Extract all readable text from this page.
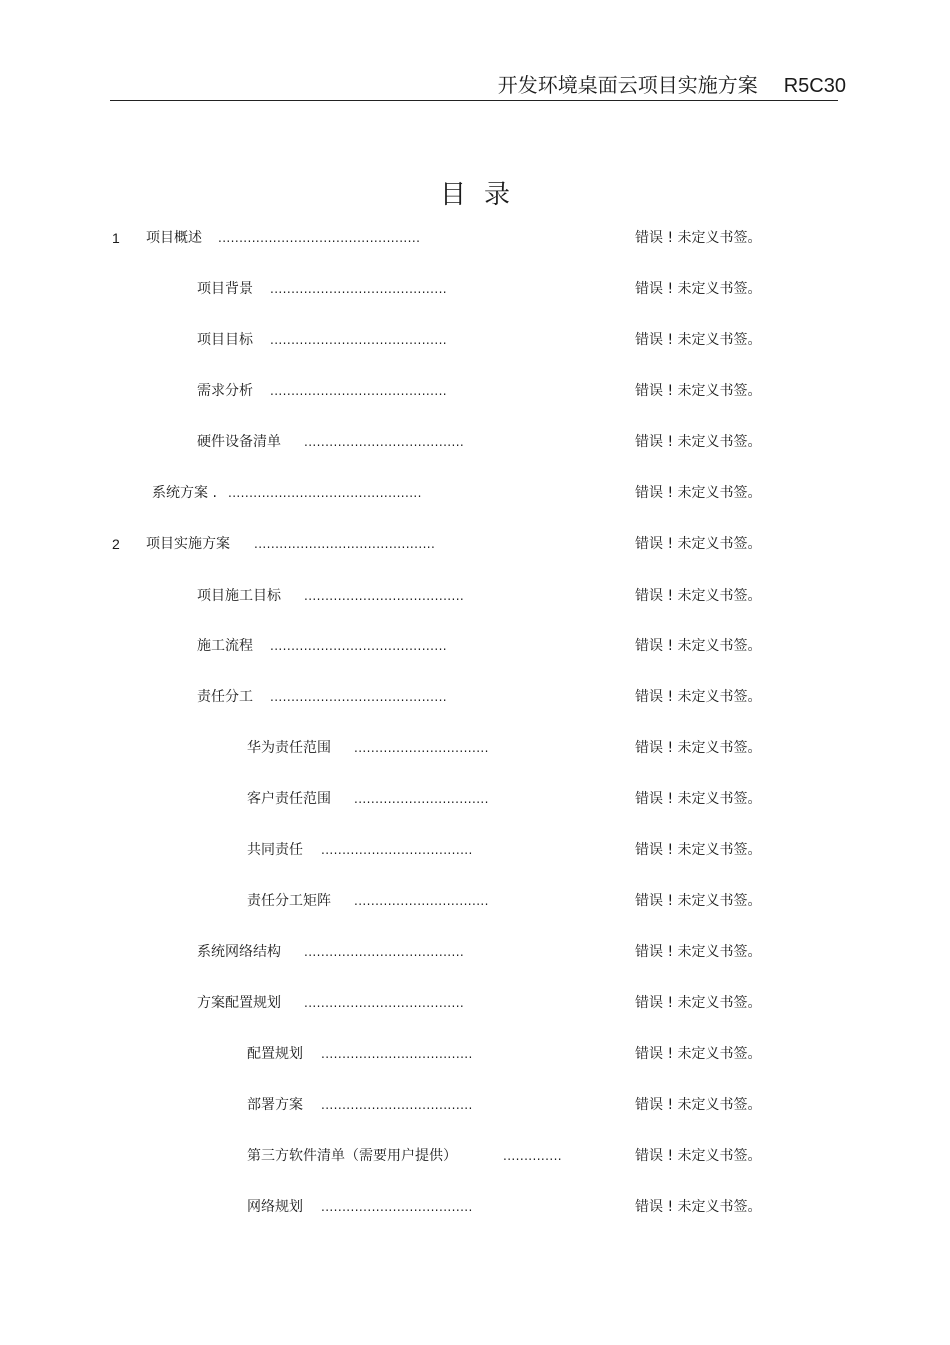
开发环境桌面云项目实施方案 R5C30
目录
1 项目概述 ................................................	错误 ! 未定义书签。
项目背景 ..........................................	错误 ! 未定义书签。
项目目标 ..........................................	错误 ! 未定义书签。
需求分析 ..........................................	错误 ! 未定义书签。
硬件设备清单 ......................................	错误 ! 未定义书签。
系统方案 . ..............................................	错误 ! 未定义书签。
2 项目实施方案 ...........................................	错误 ! 未定义书签。
项目施工目标 ......................................	错误 ! 未定义书签。
施工流程 ..........................................	错误 ! 未定义书签。
责任分工 ..........................................	错误 ! 未定义书签。
华为责任范围 ................................	错误 ! 未定义书签。
客户责任范围 ................................	错误 ! 未定义书签。
共同责任 ....................................	错误 ! 未定义书签。
责任分工矩阵 ................................	错误 ! 未定义书签。
系统网络结构 ......................................	错误 ! 未定义书签。
方案配置规划 ......................................	错误 ! 未定义书签。
配置规划 ....................................	错误 ! 未定义书签。
部署方案 ....................................	错误 ! 未定义书签。
第三方软件清单（需要用户提供）	..............	错误 ! 未定义书签。
网络规划 ....................................	错误 ! 未定义书签。
